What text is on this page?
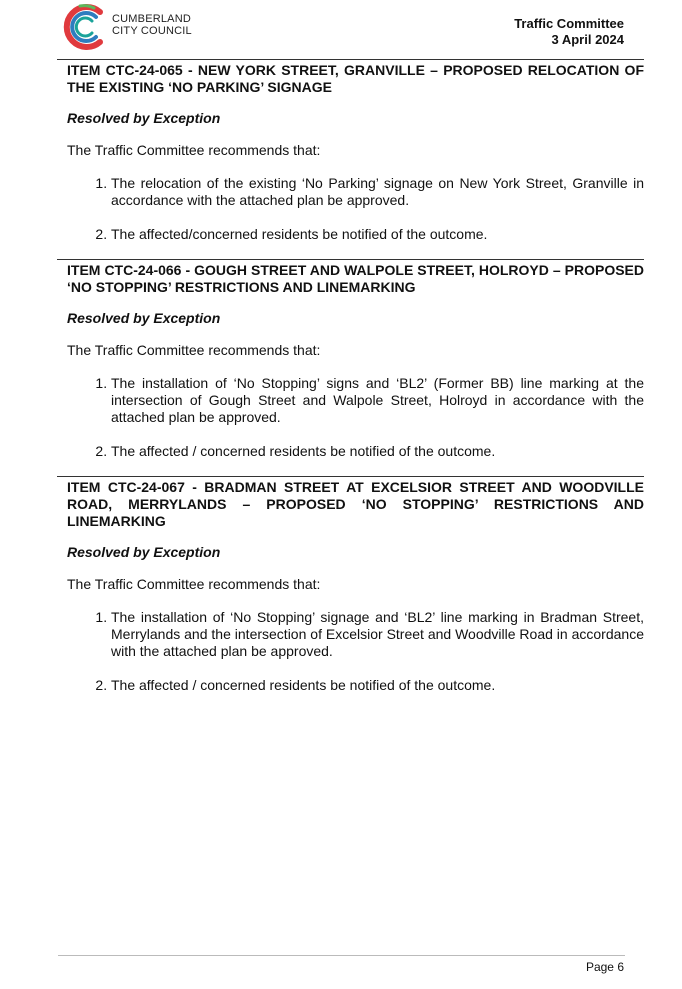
CUMBERLAND
CITY COUNCIL	Traffic Committee
3 April 2024
ITEM CTC-24-065 - NEW YORK STREET, GRANVILLE – PROPOSED RELOCATION OF THE EXISTING ‘NO PARKING’ SIGNAGE
Resolved by Exception
The Traffic Committee recommends that:
1. The relocation of the existing ‘No Parking’ signage on New York Street, Granville in accordance with the attached plan be approved.
2. The affected/concerned residents be notified of the outcome.
ITEM CTC-24-066 - GOUGH STREET AND WALPOLE STREET, HOLROYD – PROPOSED ‘NO STOPPING’ RESTRICTIONS AND LINEMARKING
Resolved by Exception
The Traffic Committee recommends that:
1. The installation of ‘No Stopping’ signs and ‘BL2’ (Former BB) line marking at the intersection of Gough Street and Walpole Street, Holroyd in accordance with the attached plan be approved.
2. The affected / concerned residents be notified of the outcome.
ITEM CTC-24-067 - BRADMAN STREET AT EXCELSIOR STREET AND WOODVILLE ROAD, MERRYLANDS – PROPOSED ‘NO STOPPING’ RESTRICTIONS AND LINEMARKING
Resolved by Exception
The Traffic Committee recommends that:
1. The installation of ‘No Stopping’ signage and ‘BL2’ line marking in Bradman Street, Merrylands and the intersection of Excelsior Street and Woodville Road in accordance with the attached plan be approved.
2. The affected / concerned residents be notified of the outcome.
Page 6
